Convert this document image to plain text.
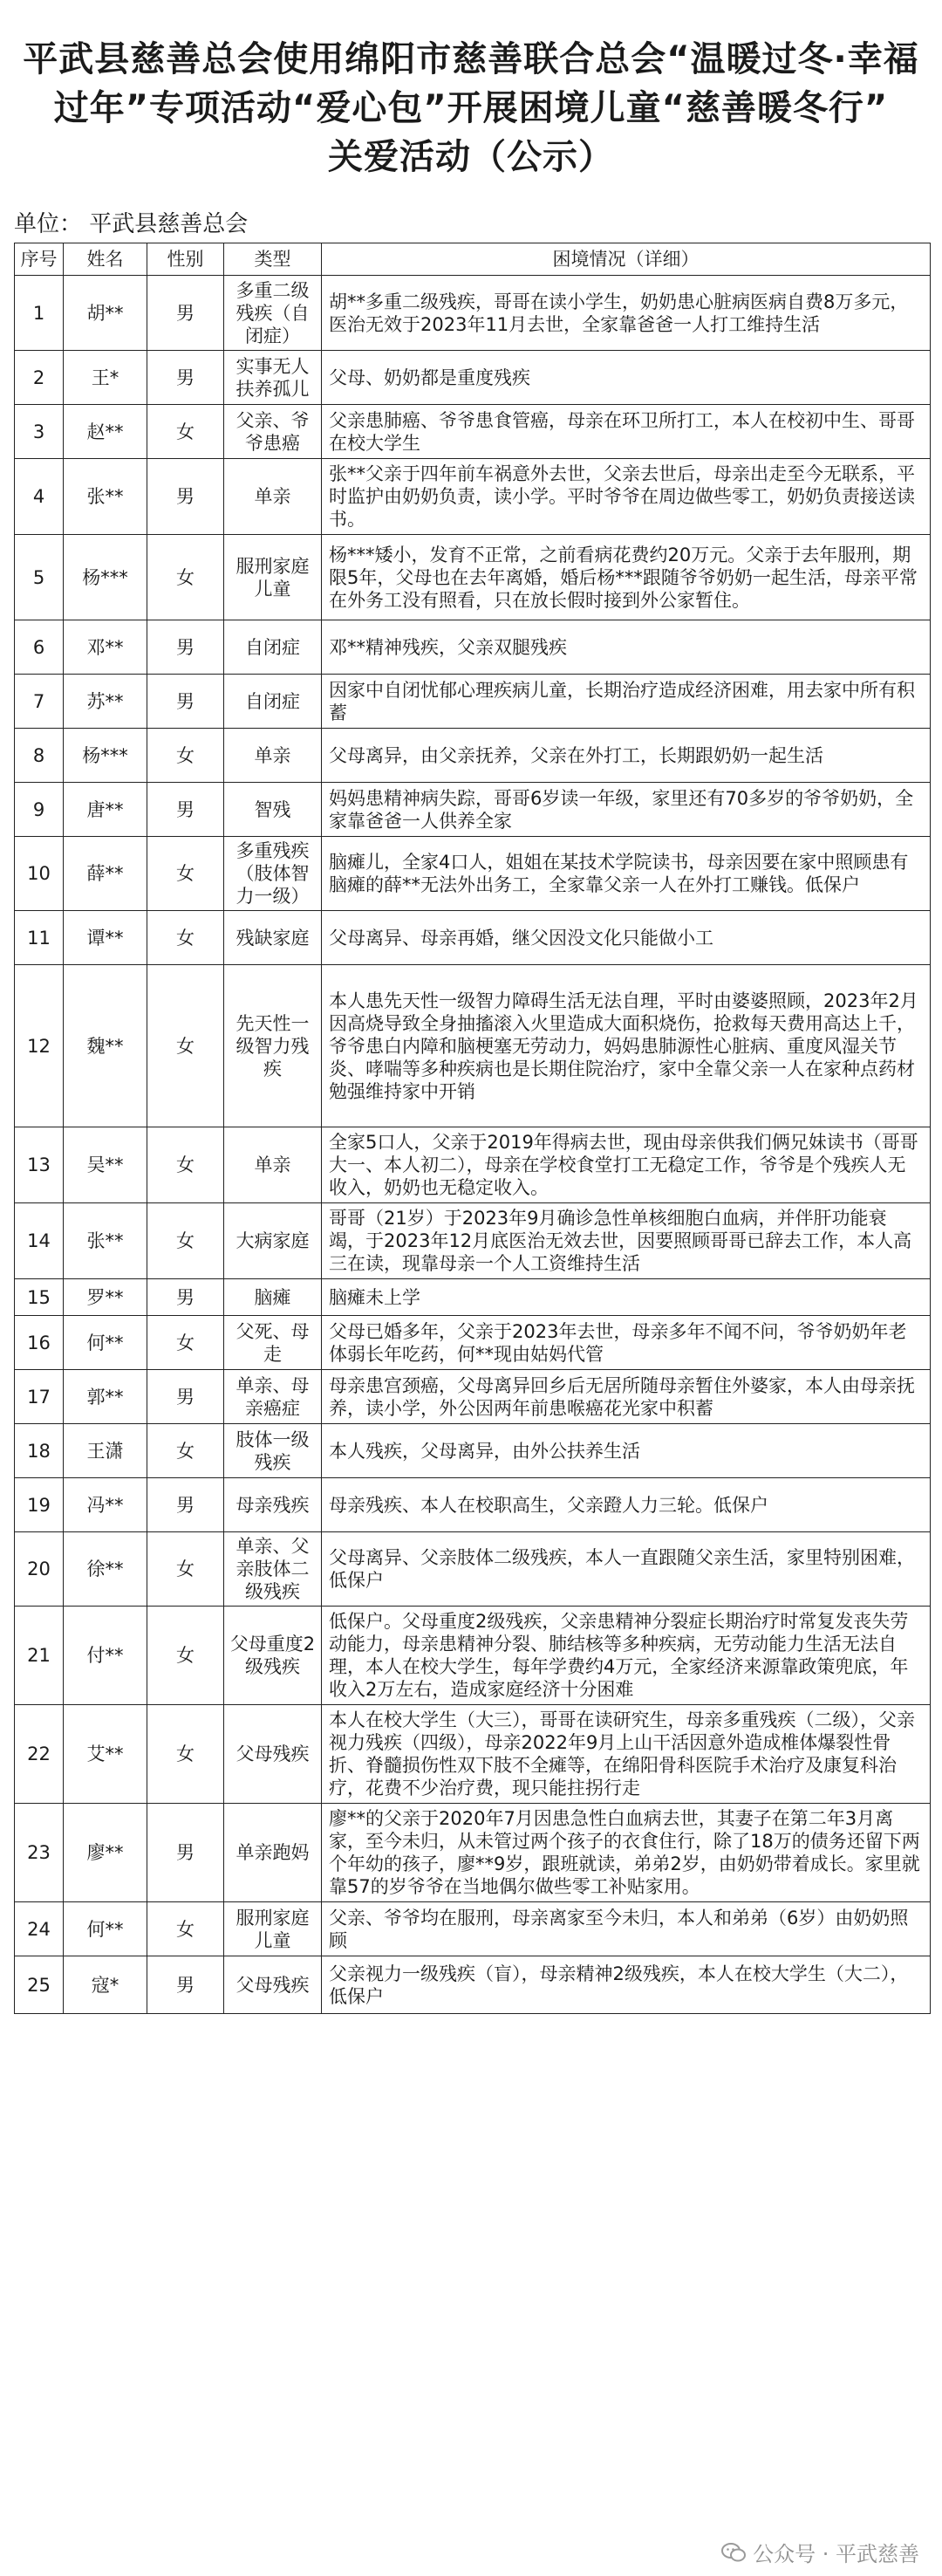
平武县慈善总会使用绵阳市慈善联合总会“温暖过冬·幸福
过年”专项活动“爱心包”开展困境儿童“慈善暖冬行”
关爱活动（公示）
单位： 平武县慈善总会
序号	姓名	性别	类型	困境情况（详细）
1	胡**	男	多重二级残疾（自闭症）	胡**多重二级残疾，哥哥在读小学生，奶奶患心脏病医病自费8万多元，医治无效于2023年11月去世，全家靠爸爸一人打工维持生活
2	王*	男	实事无人扶养孤儿	父母、奶奶都是重度残疾
3	赵**	女	父亲、爷爷患癌	父亲患肺癌、爷爷患食管癌，母亲在环卫所打工，本人在校初中生、哥哥在校大学生
4	张**	男	单亲	张**父亲于四年前车祸意外去世，父亲去世后，母亲出走至今无联系，平时监护由奶奶负责，读小学。平时爷爷在周边做些零工，奶奶负责接送读书。
5	杨***	女	服刑家庭儿童	杨***矮小，发育不正常，之前看病花费约20万元。父亲于去年服刑，期限5年，父母也在去年离婚，婚后杨***跟随爷爷奶奶一起生活，母亲平常在外务工没有照看，只在放长假时接到外公家暂住。
6	邓**	男	自闭症	邓**精神残疾，父亲双腿残疾
7	苏**	男	自闭症	因家中自闭忧郁心理疾病儿童，长期治疗造成经济困难，用去家中所有积蓄
8	杨***	女	单亲	父母离异，由父亲抚养，父亲在外打工，长期跟奶奶一起生活
9	唐**	男	智残	妈妈患精神病失踪，哥哥6岁读一年级，家里还有70多岁的爷爷奶奶，全家靠爸爸一人供养全家
10	薛**	女	多重残疾（肢体智力一级）	脑瘫儿，全家4口人，姐姐在某技术学院读书，母亲因要在家中照顾患有脑瘫的薛**无法外出务工，全家靠父亲一人在外打工赚钱。低保户
11	谭**	女	残缺家庭	父母离异、母亲再婚，继父因没文化只能做小工
12	魏**	女	先天性一级智力残疾	本人患先天性一级智力障碍生活无法自理，平时由婆婆照顾，2023年2月因高烧导致全身抽搐滚入火里造成大面积烧伤，抢救每天费用高达上千，爷爷患白内障和脑梗塞无劳动力，妈妈患肺源性心脏病、重度风湿关节炎、哮喘等多种疾病也是长期住院治疗，家中全靠父亲一人在家种点药材勉强维持家中开销
13	吴**	女	单亲	全家5口人，父亲于2019年得病去世，现由母亲供我们俩兄妹读书（哥哥大一、本人初二），母亲在学校食堂打工无稳定工作，爷爷是个残疾人无收入，奶奶也无稳定收入。
14	张**	女	大病家庭	哥哥（21岁）于2023年9月确诊急性单核细胞白血病，并伴肝功能衰竭，于2023年12月底医治无效去世，因要照顾哥哥已辞去工作，本人高三在读，现靠母亲一个人工资维持生活
15	罗**	男	脑瘫	脑瘫未上学
16	何**	女	父死、母走	父母已婚多年，父亲于2023年去世，母亲多年不闻不问，爷爷奶奶年老体弱长年吃药，何**现由姑妈代管
17	郭**	男	单亲、母亲癌症	母亲患宫颈癌，父母离异回乡后无居所随母亲暂住外婆家，本人由母亲抚养，读小学，外公因两年前患喉癌花光家中积蓄
18	王潇	女	肢体一级残疾	本人残疾，父母离异，由外公扶养生活
19	冯**	男	母亲残疾	母亲残疾、本人在校职高生，父亲蹬人力三轮。低保户
20	徐**	女	单亲、父亲肢体二级残疾	父母离异、父亲肢体二级残疾，本人一直跟随父亲生活，家里特别困难，低保户
21	付**	女	父母重度2级残疾	低保户。父母重度2级残疾，父亲患精神分裂症长期治疗时常复发丧失劳动能力，母亲患精神分裂、肺结核等多种疾病，无劳动能力生活无法自理，本人在校大学生，每年学费约4万元，全家经济来源靠政策兜底，年收入2万左右，造成家庭经济十分困难
22	艾**	女	父母残疾	本人在校大学生（大三），哥哥在读研究生，母亲多重残疾（二级），父亲视力残疾（四级），母亲2022年9月上山干活因意外造成椎体爆裂性骨折、脊髓损伤性双下肢不全瘫等，在绵阳骨科医院手术治疗及康复科治疗，花费不少治疗费，现只能拄拐行走
23	廖**	男	单亲跑妈	廖**的父亲于2020年7月因患急性白血病去世，其妻子在第二年3月离家，至今未归，从未管过两个孩子的衣食住行，除了18万的债务还留下两个年幼的孩子，廖**9岁，跟班就读，弟弟2岁，由奶奶带着成长。家里就靠57的岁爷爷在当地偶尔做些零工补贴家用。
24	何**	女	服刑家庭儿童	父亲、爷爷均在服刑，母亲离家至今未归，本人和弟弟（6岁）由奶奶照顾
25	寇*	男	父母残疾	父亲视力一级残疾（盲），母亲精神2级残疾，本人在校大学生（大二），低保户
公众号 · 平武慈善
